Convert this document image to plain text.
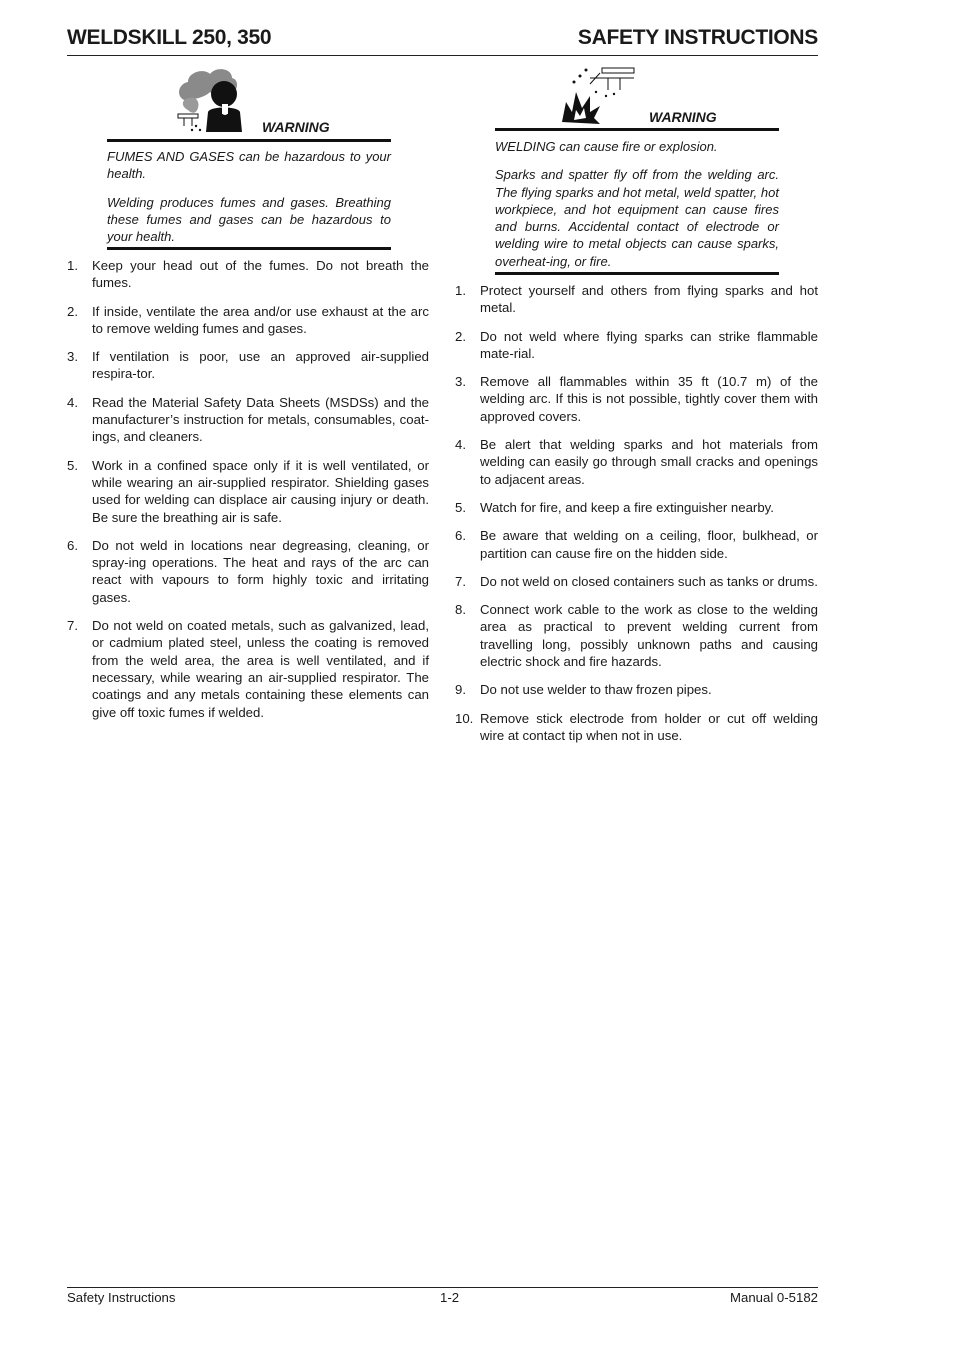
WELDSKILL 250, 350	SAFETY INSTRUCTIONS
WARNING

FUMES AND GASES can be hazardous to your health.

Welding produces fumes and gases. Breathing these fumes and gases can be hazardous to your health.

1. Keep your head out of the fumes. Do not breath the fumes.
2. If inside, ventilate the area and/or use exhaust at the arc to remove welding fumes and gases.
3. If ventilation is poor, use an approved air-supplied respira-tor.
4. Read the Material Safety Data Sheets (MSDSs) and the manufacturer’s instruction for metals, consumables, coat-ings, and cleaners.
5. Work in a confined space only if it is well ventilated, or while wearing an air-supplied respirator. Shielding gases used for welding can displace air causing injury or death. Be sure the breathing air is safe.
6. Do not weld in locations near degreasing, cleaning, or spray-ing operations. The heat and rays of the arc can react with vapours to form highly toxic and irritating gases.
7. Do not weld on coated metals, such as galvanized, lead, or cadmium plated steel, unless the coating is removed from the weld area, the area is well ventilated, and if necessary, while wearing an air-supplied respirator. The coatings and any metals containing these elements can give off toxic fumes if welded.
WARNING

WELDING can cause fire or explosion.

Sparks and spatter fly off from the welding arc. The flying sparks and hot metal, weld spatter, hot workpiece, and hot equipment can cause fires and burns. Accidental contact of electrode or welding wire to metal objects can cause sparks, overheat-ing, or fire.

1. Protect yourself and others from flying sparks and hot metal.
2. Do not weld where flying sparks can strike flammable mate-rial.
3. Remove all flammables within 35 ft (10.7 m) of the welding arc. If this is not possible, tightly cover them with approved covers.
4. Be alert that welding sparks and hot materials from welding can easily go through small cracks and openings to adjacent areas.
5. Watch for fire, and keep a fire extinguisher nearby.
6. Be aware that welding on a ceiling, floor, bulkhead, or partition can cause fire on the hidden side.
7. Do not weld on closed containers such as tanks or drums.
8. Connect work cable to the work as close to the welding area as practical to prevent welding current from travelling long, possibly unknown paths and causing electric shock and fire hazards.
9. Do not use welder to thaw frozen pipes.
10. Remove stick electrode from holder or cut off welding wire at contact tip when not in use.
Safety Instructions	1-2	Manual 0-5182
